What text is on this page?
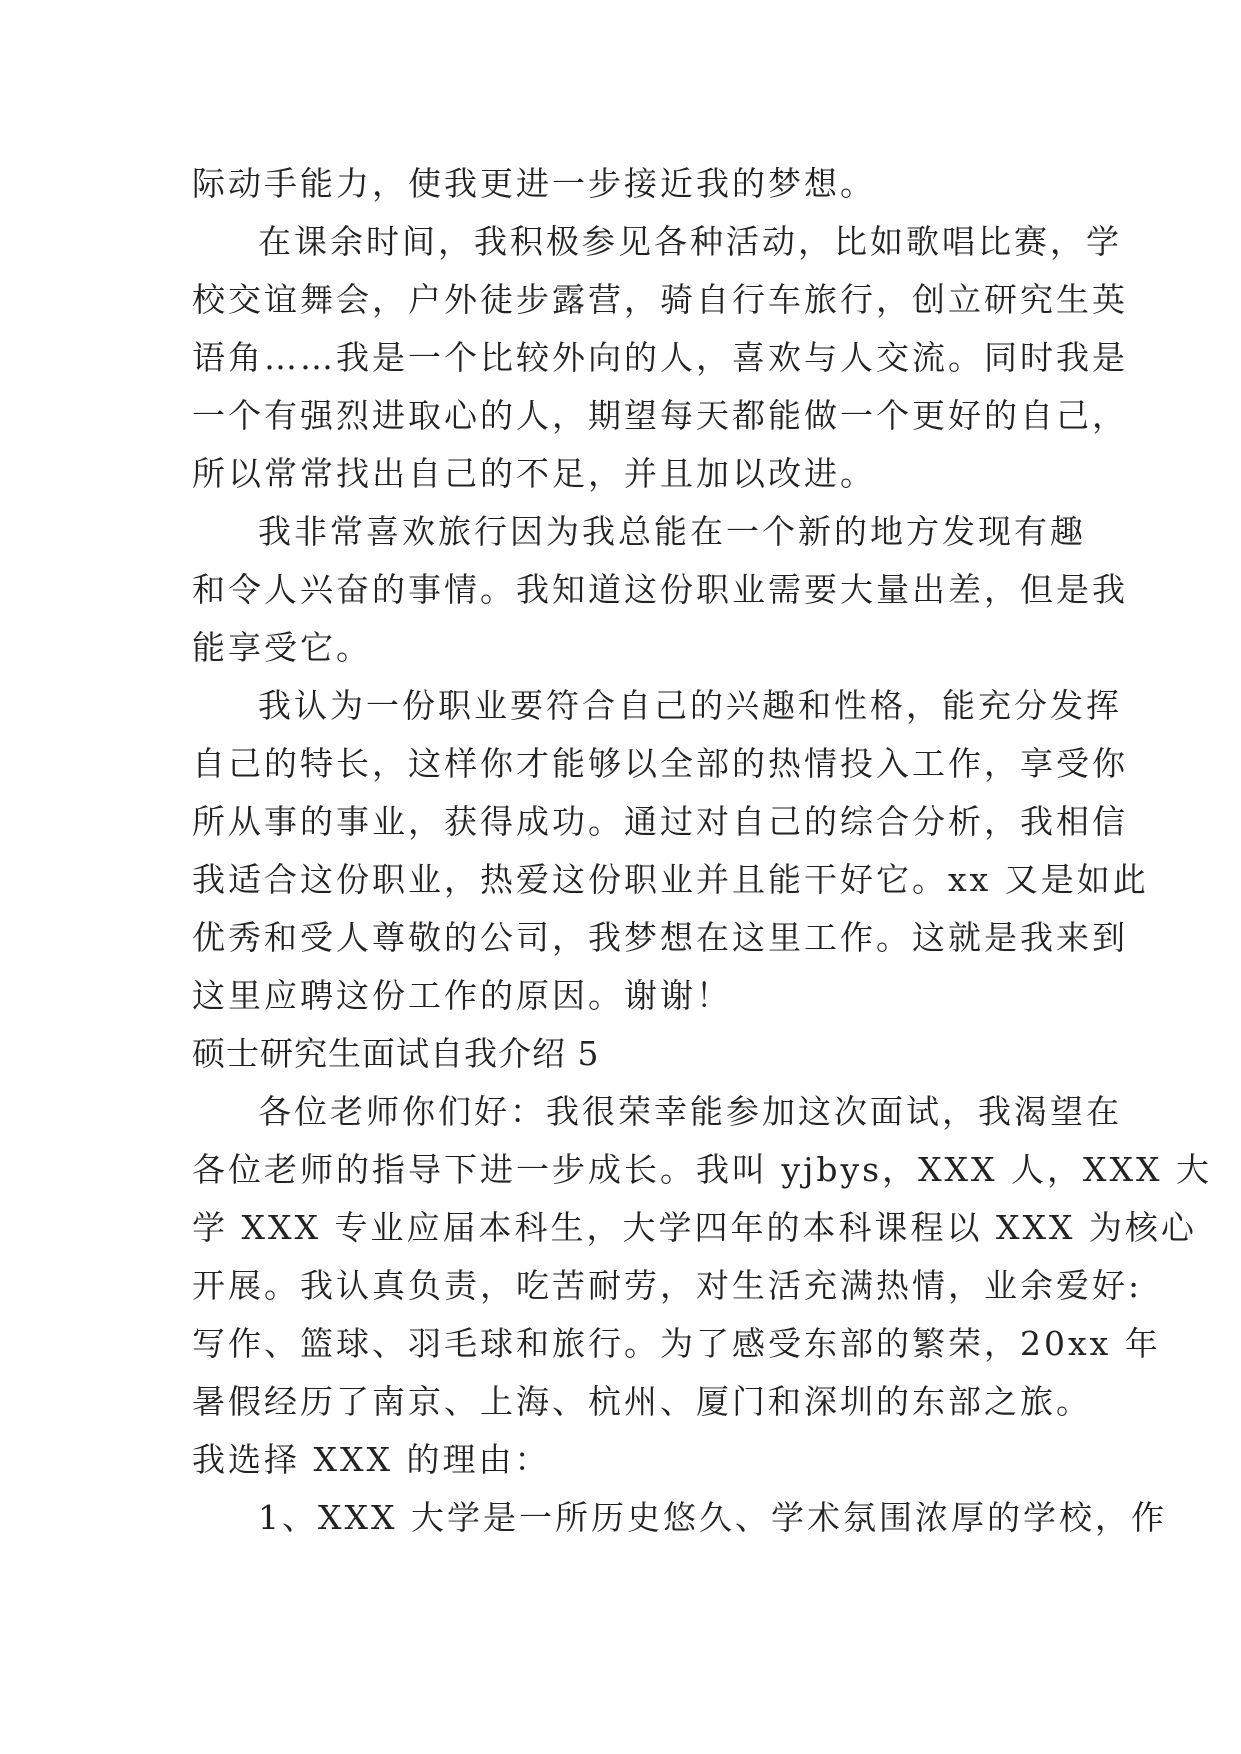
际动手能力，使我更进一步接近我的梦想。
在课余时间，我积极参见各种活动，比如歌唱比赛，学
校交谊舞会，户外徒步露营，骑自行车旅行，创立研究生英
语角……我是一个比较外向的人，喜欢与人交流。同时我是
一个有强烈进取心的人，期望每天都能做一个更好的自己，
所以常常找出自己的不足，并且加以改进。
我非常喜欢旅行因为我总能在一个新的地方发现有趣
和令人兴奋的事情。我知道这份职业需要大量出差，但是我
能享受它。
我认为一份职业要符合自己的兴趣和性格，能充分发挥
自己的特长，这样你才能够以全部的热情投入工作，享受你
所从事的事业，获得成功。通过对自己的综合分析，我相信
我适合这份职业，热爱这份职业并且能干好它。xx 又是如此
优秀和受人尊敬的公司，我梦想在这里工作。这就是我来到
这里应聘这份工作的原因。谢谢！
硕士研究生面试自我介绍 5
各位老师你们好：我很荣幸能参加这次面试，我渴望在
各位老师的指导下进一步成长。我叫 yjbys，XXX 人，XXX 大
学 XXX 专业应届本科生，大学四年的本科课程以 XXX 为核心
开展。我认真负责，吃苦耐劳，对生活充满热情，业余爱好:
写作、篮球、羽毛球和旅行。为了感受东部的繁荣，20xx 年
暑假经历了南京、上海、杭州、厦门和深圳的东部之旅。
我选择 XXX 的理由：
1、XXX 大学是一所历史悠久、学术氛围浓厚的学校，作
